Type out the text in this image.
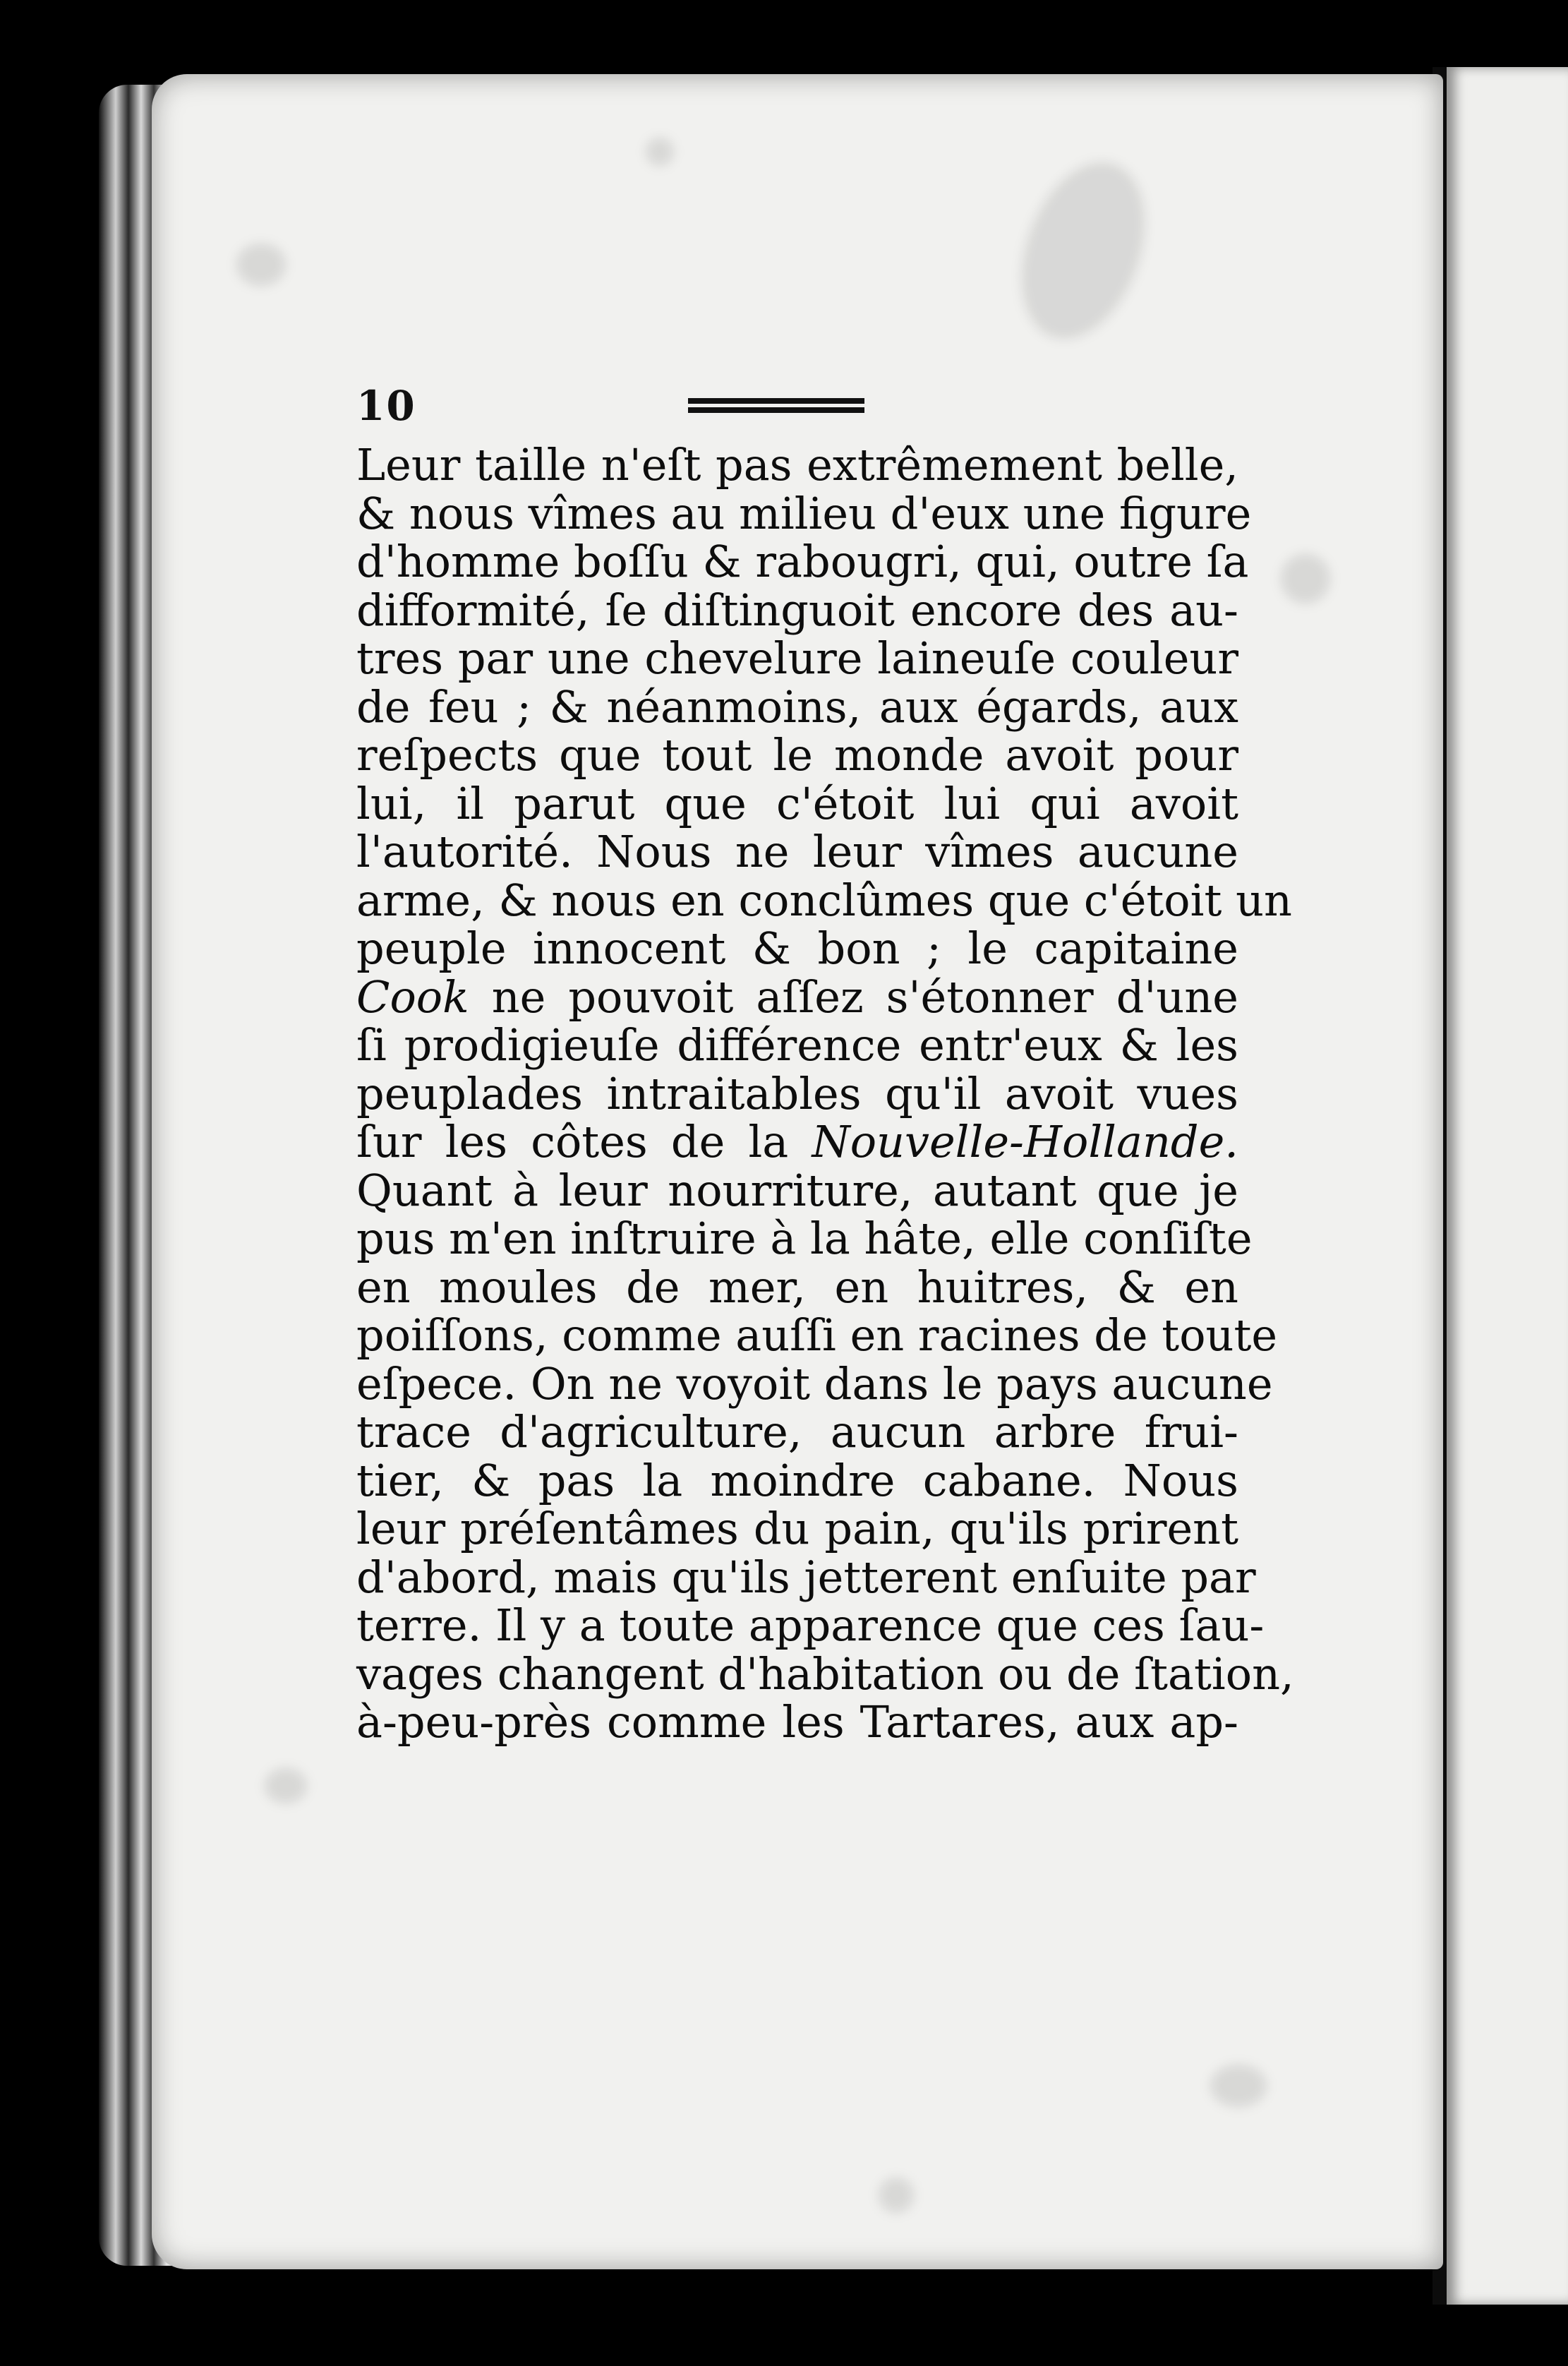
10
Leur taille n'eſt pas extrêmement belle,
& nous vîmes au milieu d'eux une figure
d'homme boſſu & rabougri, qui, outre ſa
difformité, ſe diſtinguoit encore des au-
tres par une chevelure laineuſe couleur
de feu ; & néanmoins, aux égards, aux
reſpects que tout le monde avoit pour
lui, il parut que c'étoit lui qui avoit
l'autorité. Nous ne leur vîmes aucune
arme, & nous en conclûmes que c'étoit un
peuple innocent & bon ; le capitaine
Cook ne pouvoit aſſez s'étonner d'une
ſi prodigieuſe différence entr'eux & les
peuplades intraitables qu'il avoit vues
ſur les côtes de la Nouvelle-Hollande.
Quant à leur nourriture, autant que je
pus m'en inſtruire à la hâte, elle conſiſte
en moules de mer, en huitres, & en
poiſſons, comme auſſi en racines de toute
eſpece. On ne voyoit dans le pays aucune
trace d'agriculture, aucun arbre frui-
tier, & pas la moindre cabane. Nous
leur préſentâmes du pain, qu'ils prirent
d'abord, mais qu'ils jetterent enſuite par
terre. Il y a toute apparence que ces ſau-
vages changent d'habitation ou de ſtation,
à-peu-près comme les Tartares, aux ap-
